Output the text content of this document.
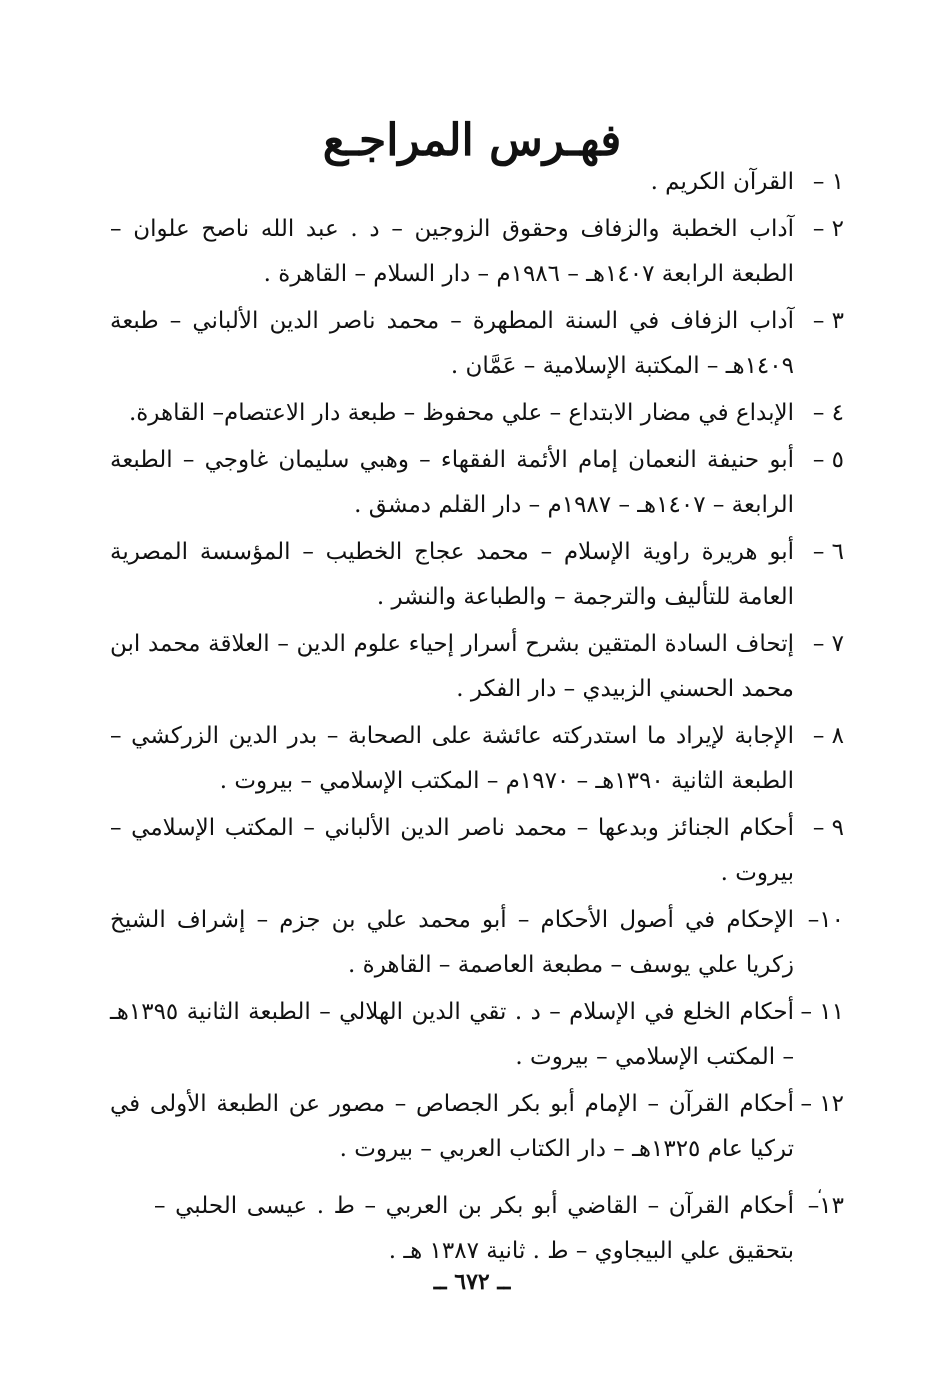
فهـرس المراجـع
١ –
القرآن الكريم .
٢ –
آداب الخطبة والزفاف وحقوق الزوجين – د . عبد الله ناصح علوان – الطبعة الرابعة ١٤٠٧هـ – ١٩٨٦م – دار السلام – القاهرة .
٣ –
آداب الزفاف في السنة المطهرة – محمد ناصر الدين الألباني – طبعة ١٤٠٩هـ – المكتبة الإسلامية – عَمَّان .
٤ –
الإبداع في مضار الابتداع – علي محفوظ – طبعة دار الاعتصام– القاهرة.
٥ –
أبو حنيفة النعمان إمام الأئمة الفقهاء – وهبي سليمان غاوجي – الطبعة الرابعة – ١٤٠٧هـ – ١٩٨٧م – دار القلم دمشق .
٦ –
أبو هريرة راوية الإسلام – محمد عجاج الخطيب – المؤسسة المصرية العامة للتأليف والترجمة – والطباعة والنشر .
٧ –
إتحاف السادة المتقين بشرح أسرار إحياء علوم الدين – العلاقة محمد ابن محمد الحسني الزبيدي – دار الفكر .
٨ –
الإجابة لإيراد ما استدركته عائشة على الصحابة – بدر الدين الزركشي – الطبعة الثانية ١٣٩٠هـ – ١٩٧٠م – المكتب الإسلامي – بيروت .
٩ –
أحكام الجنائز وبدعها – محمد ناصر الدين الألباني – المكتب الإسلامي – بيروت .
١٠–
الإحكام في أصول الأحكام – أبو محمد علي بن جزم – إشراف الشيخ زكريا علي يوسف – مطبعة العاصمة – القاهرة .
١١ –
أحكام الخلع في الإسلام – د . تقي الدين الهلالي – الطبعة الثانية ١٣٩٥هـ – المكتب الإسلامي – بيروت .
١٢ –
أحكام القرآن – الإمام أبو بكر الجصاص – مصور عن الطبعة الأولى في تركيا عام ١٣٢٥هـ – دار الكتاب العربي – بيروت .
١٣–
أحكام القرآن – القاضي أبو بكر بن العربي – ط . عيسى الحلبي – بتحقيق علي البيجاوي – ط . ثانية ١٣٨٧ هـ .
،
ــ ٦٧٢ ــ
